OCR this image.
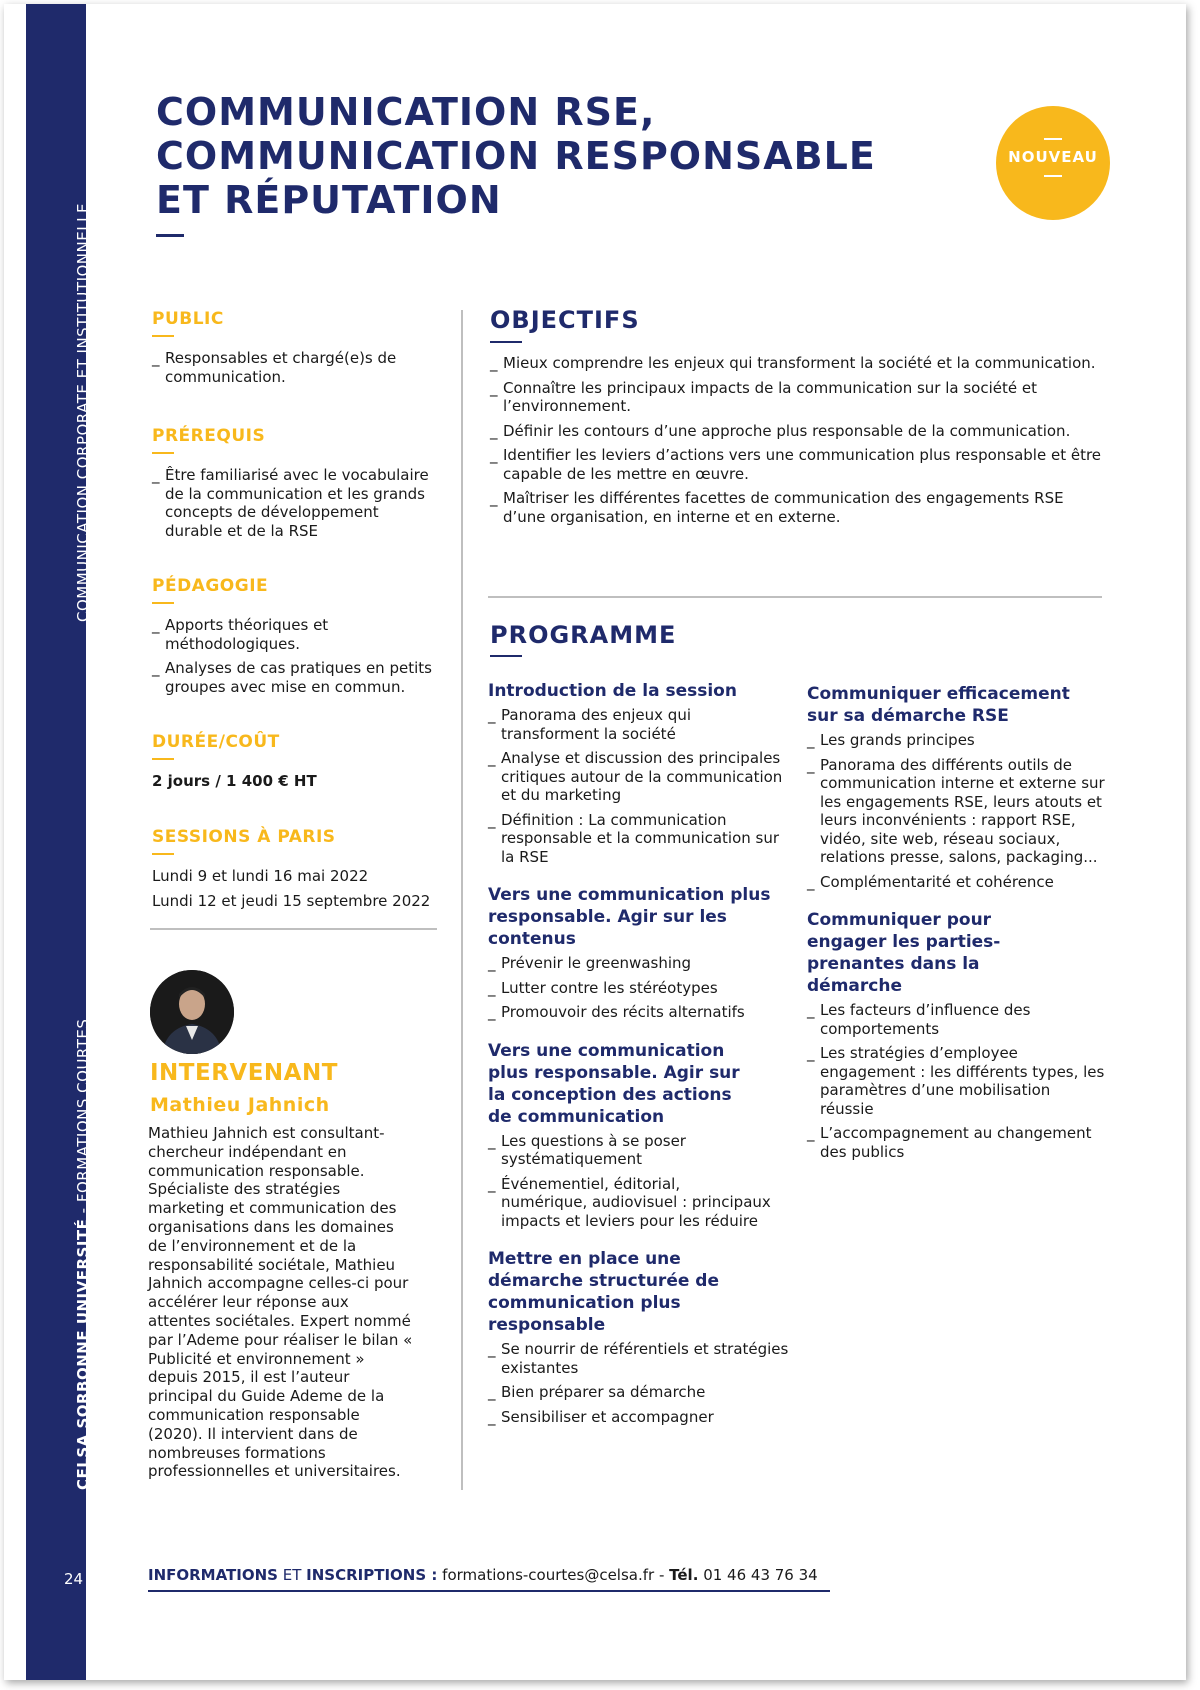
COMMUNICATION CORPORATE ET INSTITUTIONNELLE
CELSA SORBONNE UNIVERSITÉ - FORMATIONS COURTES
24
COMMUNICATION RSE,
COMMUNICATION RESPONSABLE
ET RÉPUTATION
NOUVEAU
PUBLIC
_ Responsables et chargé(e)s de communication.
PRÉREQUIS
_ Être familiarisé avec le vocabulaire de la communication et les grands concepts de développement durable et de la RSE
PÉDAGOGIE
_ Apports théoriques et méthodologiques.
_ Analyses de cas pratiques en petits groupes avec mise en commun.
DURÉE/COÛT
2 jours / 1 400 € HT
SESSIONS À PARIS
Lundi 9 et lundi 16 mai 2022
Lundi 12 et jeudi 15 septembre 2022
OBJECTIFS
_ Mieux comprendre les enjeux qui transforment la société et la communication.
_ Connaître les principaux impacts de la communication sur la société et l’environnement.
_ Définir les contours d’une approche plus responsable de la communication.
_ Identifier les leviers d’actions vers une communication plus responsable et être capable de les mettre en œuvre.
_ Maîtriser les différentes facettes de communication des engagements RSE d’une organisation, en interne et en externe.
PROGRAMME
Introduction de la session
_ Panorama des enjeux qui transforment la société
_ Analyse et discussion des principales critiques autour de la communication et du marketing
_ Définition : La communication responsable et la communication sur la RSE
Vers une communication plus responsable. Agir sur les contenus
_ Prévenir le greenwashing
_ Lutter contre les stéréotypes
_ Promouvoir des récits alternatifs
Vers une communication plus responsable. Agir sur la conception des actions de communication
_ Les questions à se poser systématiquement
_ Événementiel, éditorial, numérique, audiovisuel : principaux impacts et leviers pour les réduire
Mettre en place une démarche structurée de communication plus responsable
_ Se nourrir de référentiels et stratégies existantes
_ Bien préparer sa démarche
_ Sensibiliser et accompagner
Communiquer efficacement sur sa démarche RSE
_ Les grands principes
_ Panorama des différents outils de communication interne et externe sur les engagements RSE, leurs atouts et leurs inconvénients : rapport RSE, vidéo, site web, réseau sociaux, relations presse, salons, packaging...
_ Complémentarité et cohérence
Communiquer pour engager les parties-prenantes dans la démarche
_ Les facteurs d’influence des comportements
_ Les stratégies d’employee engagement : les différents types, les paramètres d’une mobilisation réussie
_ L’accompagnement au changement des publics
INTERVENANT
Mathieu Jahnich
Mathieu Jahnich est consultant-chercheur indépendant en communication responsable. Spécialiste des stratégies marketing et communication des organisations dans les domaines de l’environnement et de la responsabilité sociétale, Mathieu Jahnich accompagne celles-ci pour accélérer leur réponse aux attentes sociétales. Expert nommé par l’Ademe pour réaliser le bilan « Publicité et environnement » depuis 2015, il est l’auteur principal du Guide Ademe de la communication responsable (2020). Il intervient dans de nombreuses formations professionnelles et universitaires.
INFORMATIONS ET INSCRIPTIONS : formations-courtes@celsa.fr - Tél. 01 46 43 76 34
